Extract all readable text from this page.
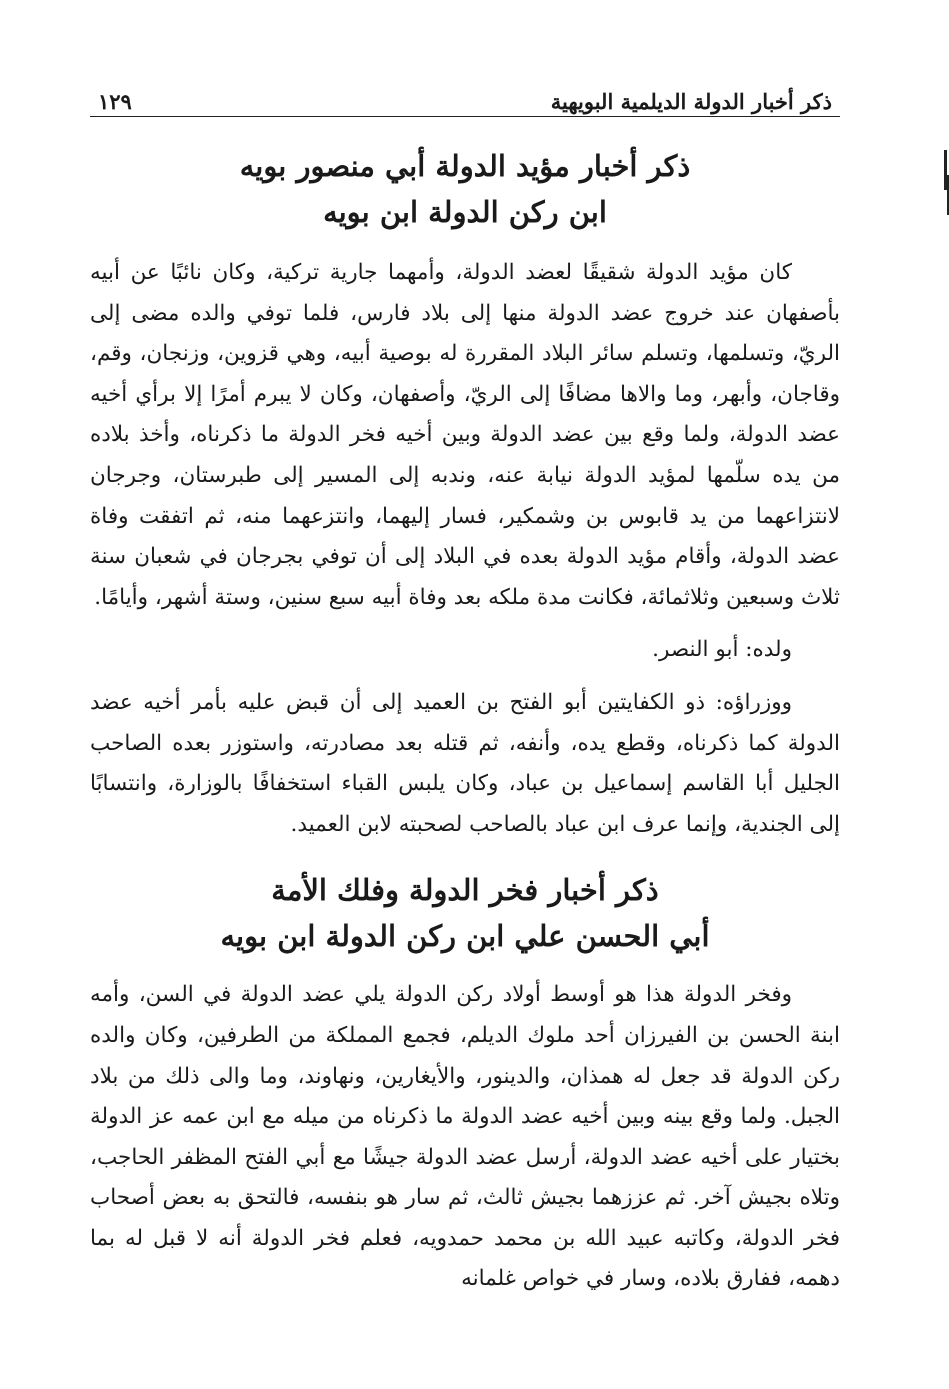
ذكر أخبار الدولة الديلمية البويهية
١٢٩
ذكر أخبار مؤيد الدولة أبي منصور بويه
ابن ركن الدولة ابن بويه

كان مؤيد الدولة شقيقًا لعضد الدولة، وأمهما جارية تركية، وكان نائبًا عن أبيه بأصفهان عند خروج عضد الدولة منها إلى بلاد فارس، فلما توفي والده مضى إلى الريّ، وتسلمها، وتسلم سائر البلاد المقررة له بوصية أبيه، وهي قزوين، وزنجان، وقم، وقاجان، وأبهر، وما والاها مضافًا إلى الريّ، وأصفهان، وكان لا يبرم أمرًا إلا برأي أخيه عضد الدولة، ولما وقع بين عضد الدولة وبين أخيه فخر الدولة ما ذكرناه، وأخذ بلاده من يده سلّمها لمؤيد الدولة نيابة عنه، وندبه إلى المسير إلى طبرستان، وجرجان لانتزاعهما من يد قابوس بن وشمكير، فسار إليهما، وانتزعهما منه، ثم اتفقت وفاة عضد الدولة، وأقام مؤيد الدولة بعده في البلاد إلى أن توفي بجرجان في شعبان سنة ثلاث وسبعين وثلاثمائة، فكانت مدة ملكه بعد وفاة أبيه سبع سنين، وستة أشهر، وأيامًا.

ولده: أبو النصر.

ووزراؤه: ذو الكفايتين أبو الفتح بن العميد إلى أن قبض عليه بأمر أخيه عضد الدولة كما ذكرناه، وقطع يده، وأنفه، ثم قتله بعد مصادرته، واستوزر بعده الصاحب الجليل أبا القاسم إسماعيل بن عباد، وكان يلبس القباء استخفافًا بالوزارة، وانتسابًا إلى الجندية، وإنما عرف ابن عباد بالصاحب لصحبته لابن العميد.

ذكر أخبار فخر الدولة وفلك الأمة
أبي الحسن علي ابن ركن الدولة ابن بويه

وفخر الدولة هذا هو أوسط أولاد ركن الدولة يلي عضد الدولة في السن، وأمه ابنة الحسن بن الفيرزان أحد ملوك الديلم، فجمع المملكة من الطرفين، وكان والده ركن الدولة قد جعل له همذان، والدينور، والأيغارين، ونهاوند، وما والى ذلك من بلاد الجبل. ولما وقع بينه وبين أخيه عضد الدولة ما ذكرناه من ميله مع ابن عمه عز الدولة بختيار على أخيه عضد الدولة، أرسل عضد الدولة جيشًا مع أبي الفتح المظفر الحاجب، وتلاه بجيش آخر. ثم عززهما بجيش ثالث، ثم سار هو بنفسه، فالتحق به بعض أصحاب فخر الدولة، وكاتبه عبيد الله بن محمد حمدويه، فعلم فخر الدولة أنه لا قبل له بما دهمه، ففارق بلاده، وسار في خواص غلمانه
